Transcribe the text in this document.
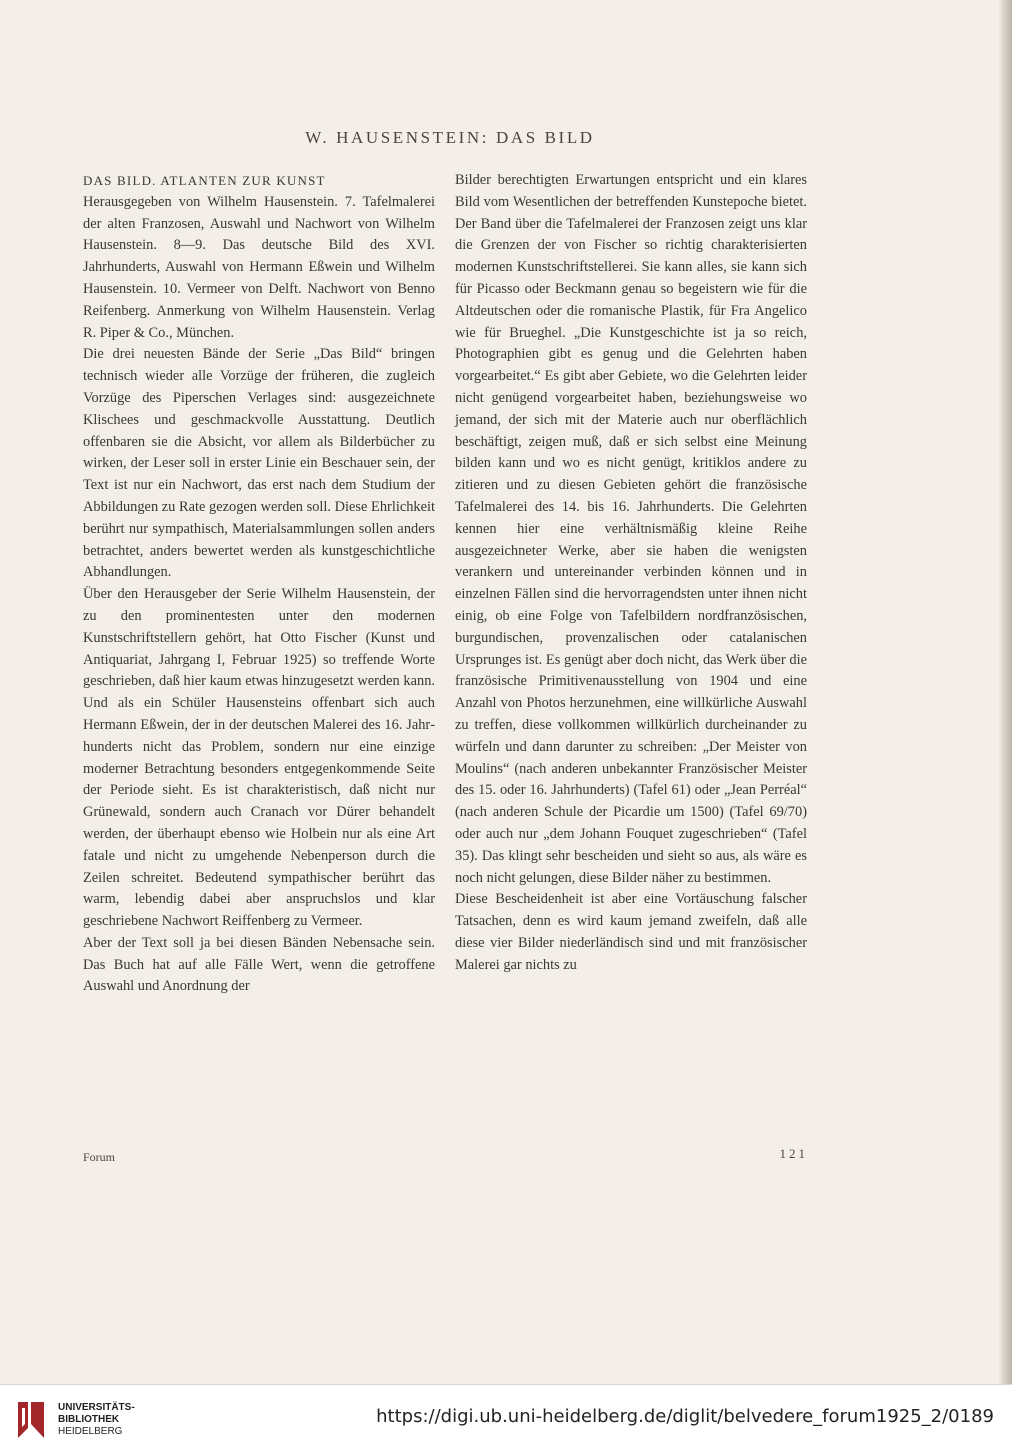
W. HAUSENSTEIN: DAS BILD

DAS BILD. ATLANTEN ZUR KUNST

Herausgegeben von Wilhelm Hausenstein. 7. Tafelmalerei der alten Franzosen, Auswahl und Nachwort von Wilhelm Hausenstein. 8—9. Das deutsche Bild des XVI. Jahrhunderts, Auswahl von Hermann Eßwein und Wilhelm Hausenstein. 10. Vermeer von Delft. Nachwort von Benno Reifenberg. Anmerkung von Wilhelm Hausenstein. Verlag R. Piper & Co., München.

Die drei neuesten Bände der Serie „Das Bild“ bringen technisch wieder alle Vorzüge der früheren, die zugleich Vorzüge des Piperschen Verlages sind: ausgezeichnete Klischees und geschmackvolle Ausstattung. Deutlich offenbaren sie die Absicht, vor allem als Bilderbücher zu wirken, der Leser soll in erster Linie ein Beschauer sein, der Text ist nur ein Nachwort, das erst nach dem Studium der Abbildungen zu Rate gezogen werden soll. Diese Ehrlichkeit berührt nur sympathisch, Materialsammlungen sollen anders betrachtet, anders bewertet werden als kunstgeschichtliche Abhandlungen.

Über den Herausgeber der Serie Wilhelm Hausenstein, der zu den prominentesten unter den modernen Kunstschriftstellern gehört, hat Otto Fischer (Kunst und Antiquariat, Jahrgang I, Februar 1925) so treffende Worte geschrieben, daß hier kaum etwas hinzugesetzt werden kann. Und als ein Schüler Hausensteins offenbart sich auch Hermann Eßwein, der in der deutschen Malerei des 16. Jahrhunderts nicht das Problem, sondern nur eine einzige moderner Betrachtung besonders entgegenkommende Seite der Periode sieht. Es ist charakteristisch, daß nicht nur Grünewald, sondern auch Cranach vor Dürer behandelt werden, der überhaupt ebenso wie Holbein nur als eine Art fatale und nicht zu umgehende Nebenperson durch die Zeilen schreitet. Bedeutend sympathischer berührt das warm, lebendig dabei aber anspruchslos und klar geschriebene Nachwort Reiffenberg zu Vermeer.

Aber der Text soll ja bei diesen Bänden Nebensache sein. Das Buch hat auf alle Fälle Wert, wenn die getroffene Auswahl und Anordnung der

Bilder berechtigten Erwartungen entspricht und ein klares Bild vom Wesentlichen der betreffenden Kunstepoche bietet. Der Band über die Tafelmalerei der Franzosen zeigt uns klar die Grenzen der von Fischer so richtig charakterisierten modernen Kunstschriftstellerei. Sie kann alles, sie kann sich für Picasso oder Beckmann genau so begeistern wie für die Altdeutschen oder die romanische Plastik, für Fra Angelico wie für Brueghel. „Die Kunstgeschichte ist ja so reich, Photographien gibt es genug und die Gelehrten haben vorgearbeitet.“ Es gibt aber Gebiete, wo die Gelehrten leider nicht genügend vorgearbeitet haben, beziehungsweise wo jemand, der sich mit der Materie auch nur oberflächlich beschäftigt, zeigen muß, daß er sich selbst eine Meinung bilden kann und wo es nicht genügt, kritiklos andere zu zitieren und zu diesen Gebieten gehört die französische Tafelmalerei des 14. bis 16. Jahrhunderts. Die Gelehrten kennen hier eine verhältnismäßig kleine Reihe ausgezeichneter Werke, aber sie haben die wenigsten verankern und untereinander verbinden können und in einzelnen Fällen sind die hervorragendsten unter ihnen nicht einig, ob eine Folge von Tafelbildern nordfranzösischen, burgundischen, provenzalischen oder catalanischen Ursprunges ist. Es genügt aber doch nicht, das Werk über die französische Primitivenausstellung von 1904 und eine Anzahl von Photos herzunehmen, eine willkürliche Auswahl zu treffen, diese vollkommen willkürlich durcheinander zu würfeln und dann darunter zu schreiben: „Der Meister von Moulins“ (nach anderen unbekannter Französischer Meister des 15. oder 16. Jahrhunderts) (Tafel 61) oder „Jean Perréal“ (nach anderen Schule der Picardie um 1500) (Tafel 69/70) oder auch nur „dem Johann Fouquet zugeschrieben“ (Tafel 35). Das klingt sehr bescheiden und sieht so aus, als wäre es noch nicht gelungen, diese Bilder näher zu bestimmen.

Diese Bescheidenheit ist aber eine Vortäuschung falscher Tatsachen, denn es wird kaum jemand zweifeln, daß alle diese vier Bilder niederländisch sind und mit französischer Malerei gar nichts zu

Forum	121
UNIVERSITÄTS-
BIBLIOTHEK
HEIDELBERG
https://digi.ub.uni-heidelberg.de/diglit/belvedere_forum1925_2/0189
